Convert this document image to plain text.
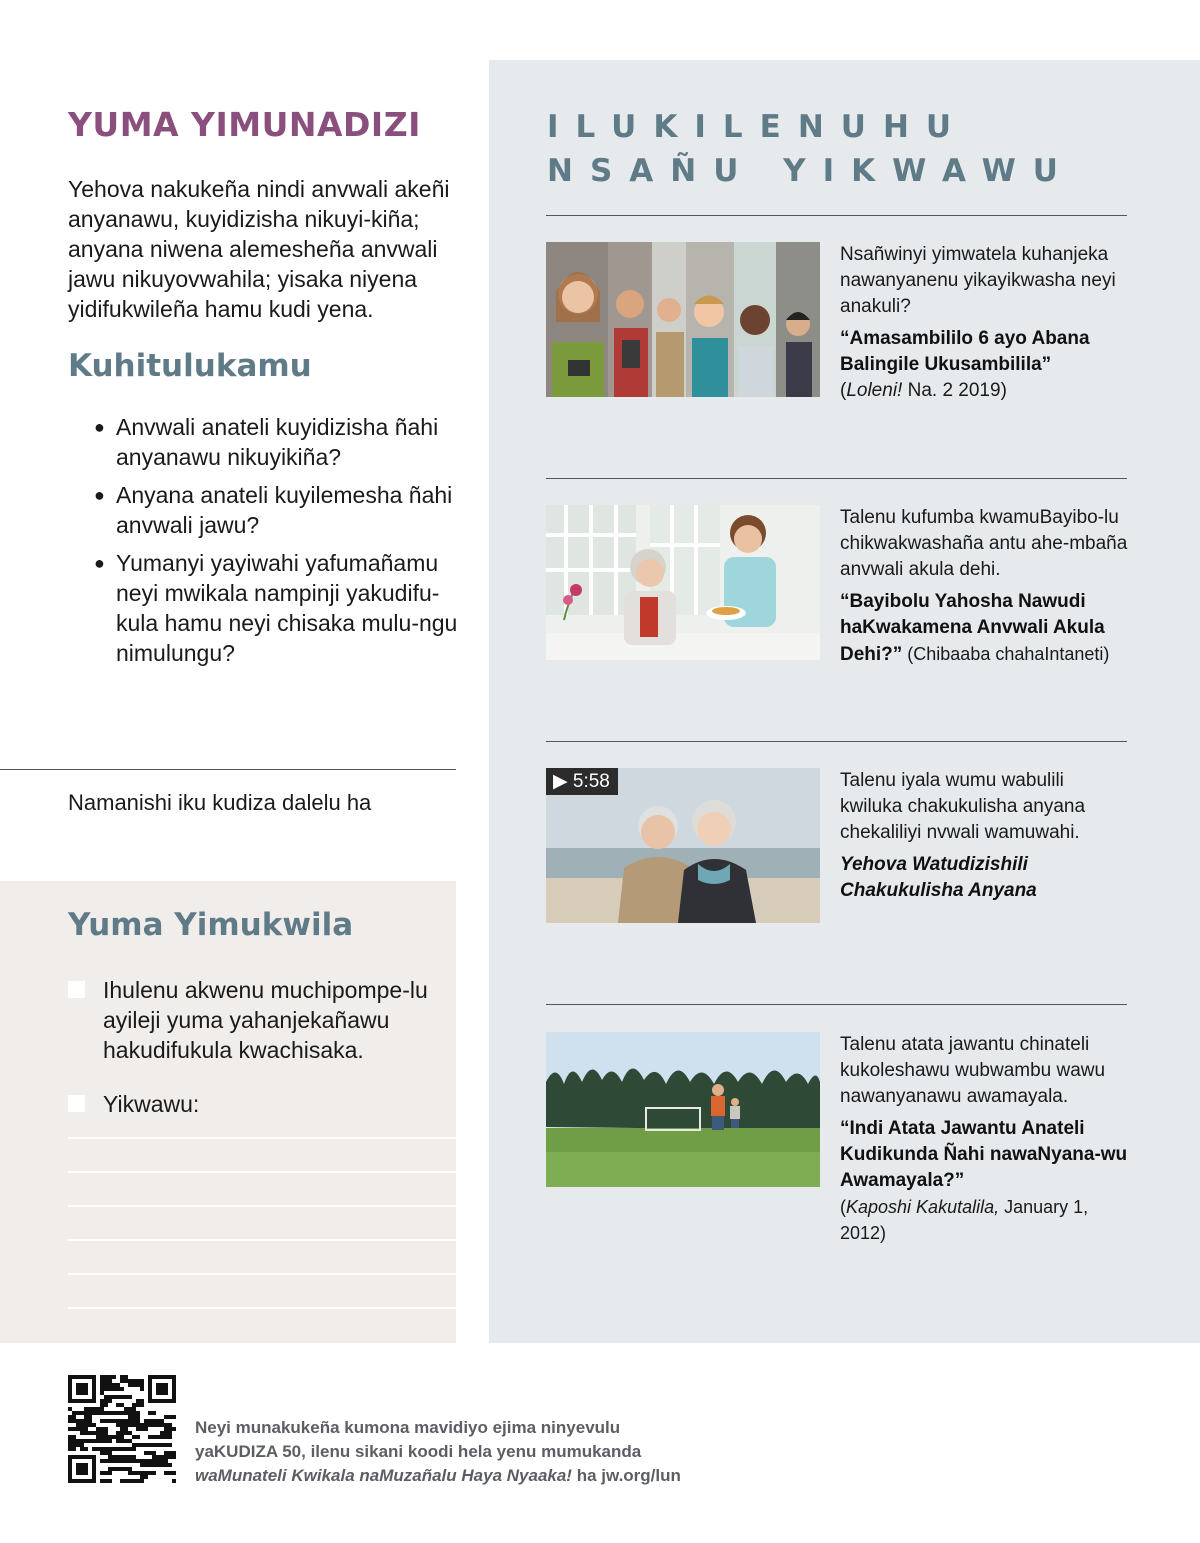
YUMA YIMUNADIZI

Yehova nakukeña nindi anvwali akeñi anyanawu, kuyidizisha nikuyi-kiña; anyana niwena alemesheña anvwali jawu nikuyovwahila; yisaka niyena yidifukwileña hamu kudi yena.

Kuhitulukamu
● Anvwali anateli kuyidizisha ñahi anyanawu nikuyikiña?
● Anyana anateli kuyilemesha ñahi anvwali jawu?
● Yumanyi yayiwahi yafumañamu neyi mwikala nampinji yakudifu-kula hamu neyi chisaka mulu-ngu nimulungu?
Namanishi iku kudiza dalelu ha
Yuma Yimukwila
Ihulenu akwenu muchipompe-lu ayileji yuma yahanjekañawu hakudifukula kwachisaka.
Yikwawu:
ILUKILENUHU NSAÑU YIKWAWU

Nsañwinyi yimwatela kuhanjeka nawanyanenu yikayikwasha neyi anakuli?

“Amasambililo 6 ayo Abana Balingile Ukusambilila”

(Loleni! Na. 2 2019)

Talenu kufumba kwamuBayibo-lu chikwakwashaña antu ahe-mbaña anvwali akula dehi.

“Bayibolu Yahosha Nawudi haKwakamena Anvwali Akula Dehi?” (Chibaaba chahaIntaneti)

▶ 5:58	Talenu iyala wumu wabulili kwiluka chakukulisha anyana chekaliliyi nvwali wamuwahi.

Yehova Watudizishili Chakukulisha Anyana

Talenu atata jawantu chinateli kukoleshawu wubwambu wawu nawanyanawu awamayala.

“Indi Atata Jawantu Anateli Kudikunda Ñahi nawaNyana-wu Awamayala?”

(Kaposhi Kakutalila, January 1, 2012)

Neyi munakukeña kumona mavidiyo ejima ninyevulu
yaKUDIZA 50, ilenu sikani koodi hela yenu mumukanda
waMunateli Kwikala naMuzañalu Haya Nyaaka! ha jw.org/lun
